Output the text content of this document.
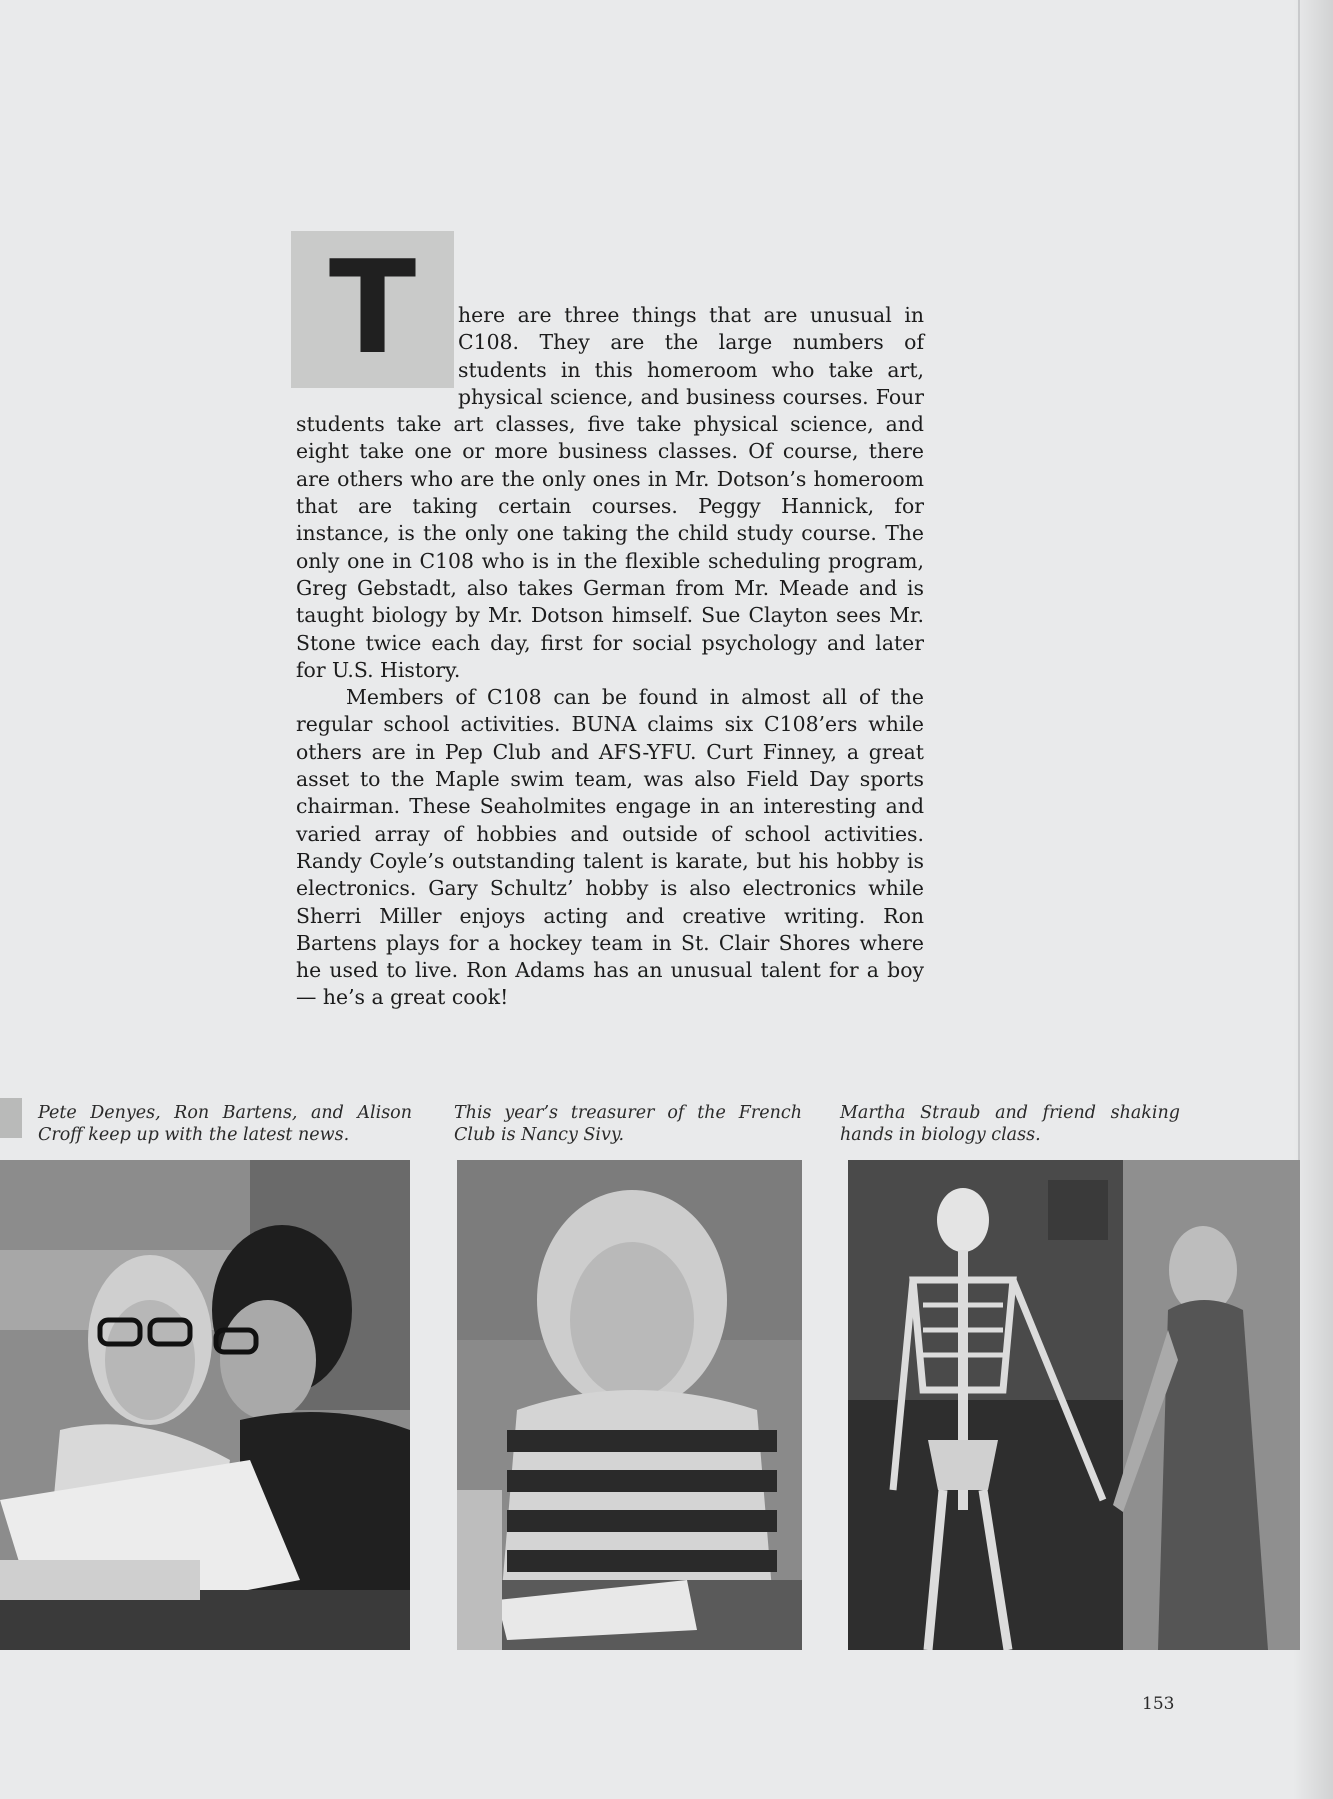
T	here are three things that are unusual in C108. They are the large numbers of students in this homeroom who take art, physical science, and business courses. Four students take art classes, five take physical science, and eight take one or more business classes. Of course, there are others who are the only ones in Mr. Dotson’s homeroom that are taking certain courses. Peggy Hannick, for instance, is the only one taking the child study course. The only one in C108 who is in the flexible scheduling program, Greg Gebstadt, also takes German from Mr. Meade and is taught biology by Mr. Dotson himself. Sue Clayton sees Mr. Stone twice each day, first for social psychology and later for U.S. History.

Members of C108 can be found in almost all of the regular school activities. BUNA claims six C108’ers while others are in Pep Club and AFS-YFU. Curt Finney, a great asset to the Maple swim team, was also Field Day sports chairman. These Seaholmites engage in an interesting and varied array of hobbies and outside of school activities. Randy Coyle’s outstanding talent is karate, but his hobby is electronics. Gary Schultz’ hobby is also electronics while Sherri Miller enjoys acting and creative writing. Ron Bartens plays for a hockey team in St. Clair Shores where he used to live. Ron Adams has an unusual talent for a boy — he’s a great cook!

Pete Denyes, Ron Bartens, and Alison Croff keep up with the latest news.
This year’s treasurer of the French Club is Nancy Sivy.
Martha Straub and friend shaking hands in biology class.
153
